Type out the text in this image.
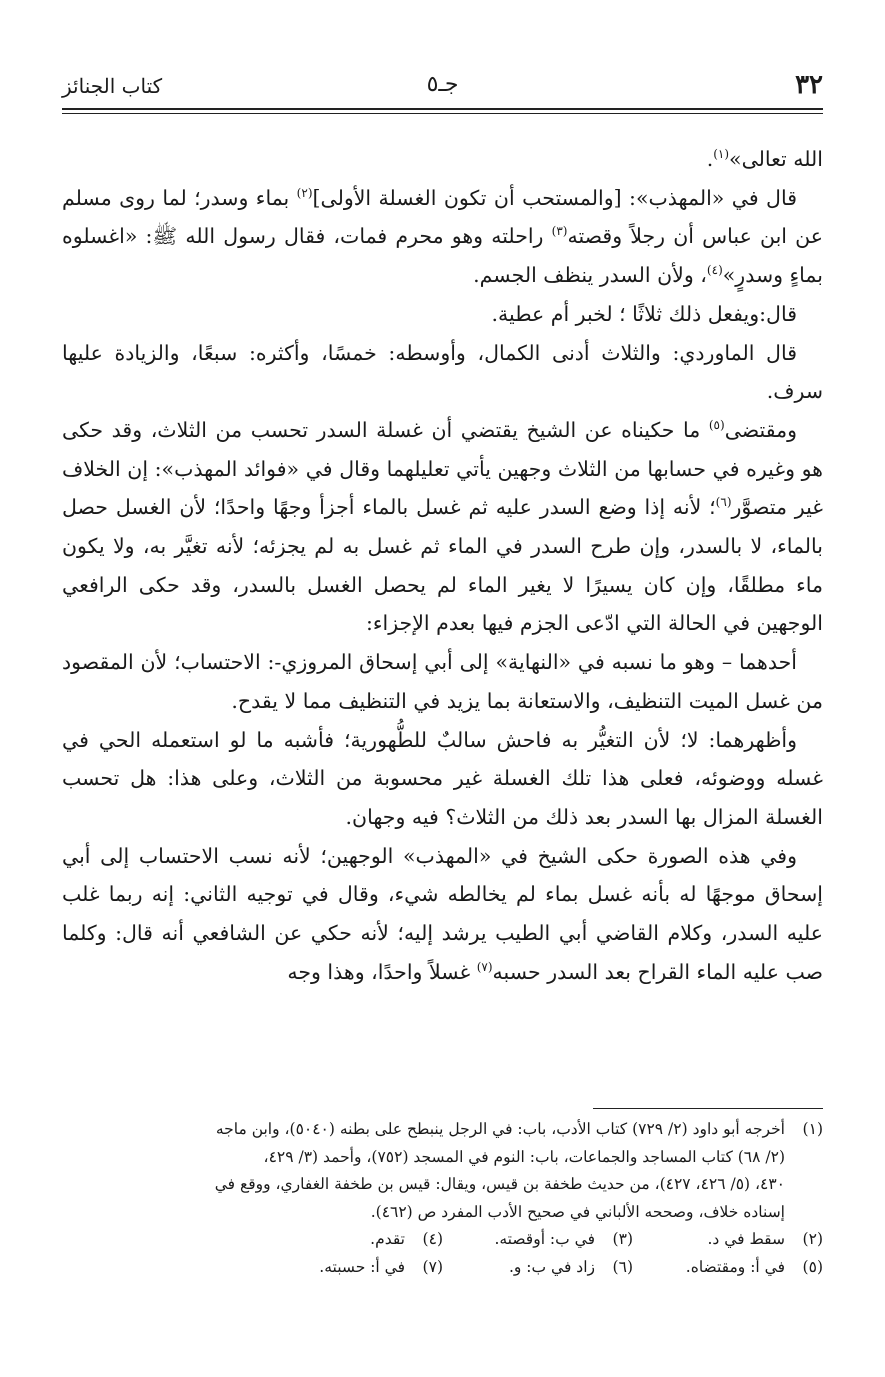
٣٢
جـ٥
كتاب الجنائز

الله تعالى»$^{(١)}$.

قال في «المهذب»: [والمستحب أن تكون الغسلة الأولى]$^{(٢)}$ بماء وسدر؛ لما روى مسلم عن ابن عباس أن رجلاً وقصته$^{(٣)}$ راحلته وهو محرم فمات، فقال رسول الله ﷺ: «اغسلوه بماءٍ وسدرٍ»$^{(٤)}$، ولأن السدر ينظف الجسم.

قال:ويفعل ذلك ثلاثًا ؛ لخبر أم عطية.

قال الماوردي: والثلاث أدنى الكمال، وأوسطه: خمسًا، وأكثره: سبعًا، والزيادة عليها سرف.

ومقتضى$^{(٥)}$ ما حكيناه عن الشيخ يقتضي أن غسلة السدر تحسب من الثلاث، وقد حكى هو وغيره في حسابها من الثلاث وجهين يأتي تعليلهما وقال في «فوائد المهذب»: إن الخلاف غير متصوَّر$^{(٦)}$؛ لأنه إذا وضع السدر عليه ثم غسل بالماء أجزأ وجهًا واحدًا؛ لأن الغسل حصل بالماء، لا بالسدر، وإن طرح السدر في الماء ثم غسل به لم يجزئه؛ لأنه تغيَّر به، ولا يكون ماء مطلقًا، وإن كان يسيرًا لا يغير الماء لم يحصل الغسل بالسدر، وقد حكى الرافعي الوجهين في الحالة التي ادّعى الجزم فيها بعدم الإجزاء:

أحدهما – وهو ما نسبه في «النهاية» إلى أبي إسحاق المروزي-: الاحتساب؛ لأن المقصود من غسل الميت التنظيف، والاستعانة بما يزيد في التنظيف مما لا يقدح.

وأظهرهما: لا؛ لأن التغيُّر به فاحش سالبٌ للطُّهورية؛ فأشبه ما لو استعمله الحي في غسله ووضوئه، فعلى هذا تلك الغسلة غير محسوبة من الثلاث، وعلى هذا: هل تحسب الغسلة المزال بها السدر بعد ذلك من الثلاث؟ فيه وجهان.

وفي هذه الصورة حكى الشيخ في «المهذب» الوجهين؛ لأنه نسب الاحتساب إلى أبي إسحاق موجهًا له بأنه غسل بماء لم يخالطه شيء، وقال في توجيه الثاني: إنه ربما غلب عليه السدر، وكلام القاضي أبي الطيب يرشد إليه؛ لأنه حكي عن الشافعي أنه قال: وكلما صب عليه الماء القراح بعد السدر حسبه$^{(٧)}$ غسلاً واحدًا، وهذا وجه

(١)أخرجه أبو داود (٢/ ٧٢٩) كتاب الأدب، باب: في الرجل ينبطح على بطنه (٥٠٤٠)، وابن ماجه

(٢/ ٦٨) كتاب المساجد والجماعات، باب: النوم في المسجد (٧٥٢)، وأحمد (٣/ ٤٢٩،

٤٣٠، (٥/ ٤٢٦، ٤٢٧)، من حديث طخفة بن قيس، ويقال: قيس بن طخفة الغفاري، ووقع في

إسناده خلاف، وصححه الألباني في صحيح الأدب المفرد ص (٤٦٢).

(٢)سقط في د.
(٣)في ب: أوقصته.
(٤)تقدم.
(٥)في أ: ومقتضاه.
(٦)زاد في ب: و.
(٧)في أ: حسبته.
